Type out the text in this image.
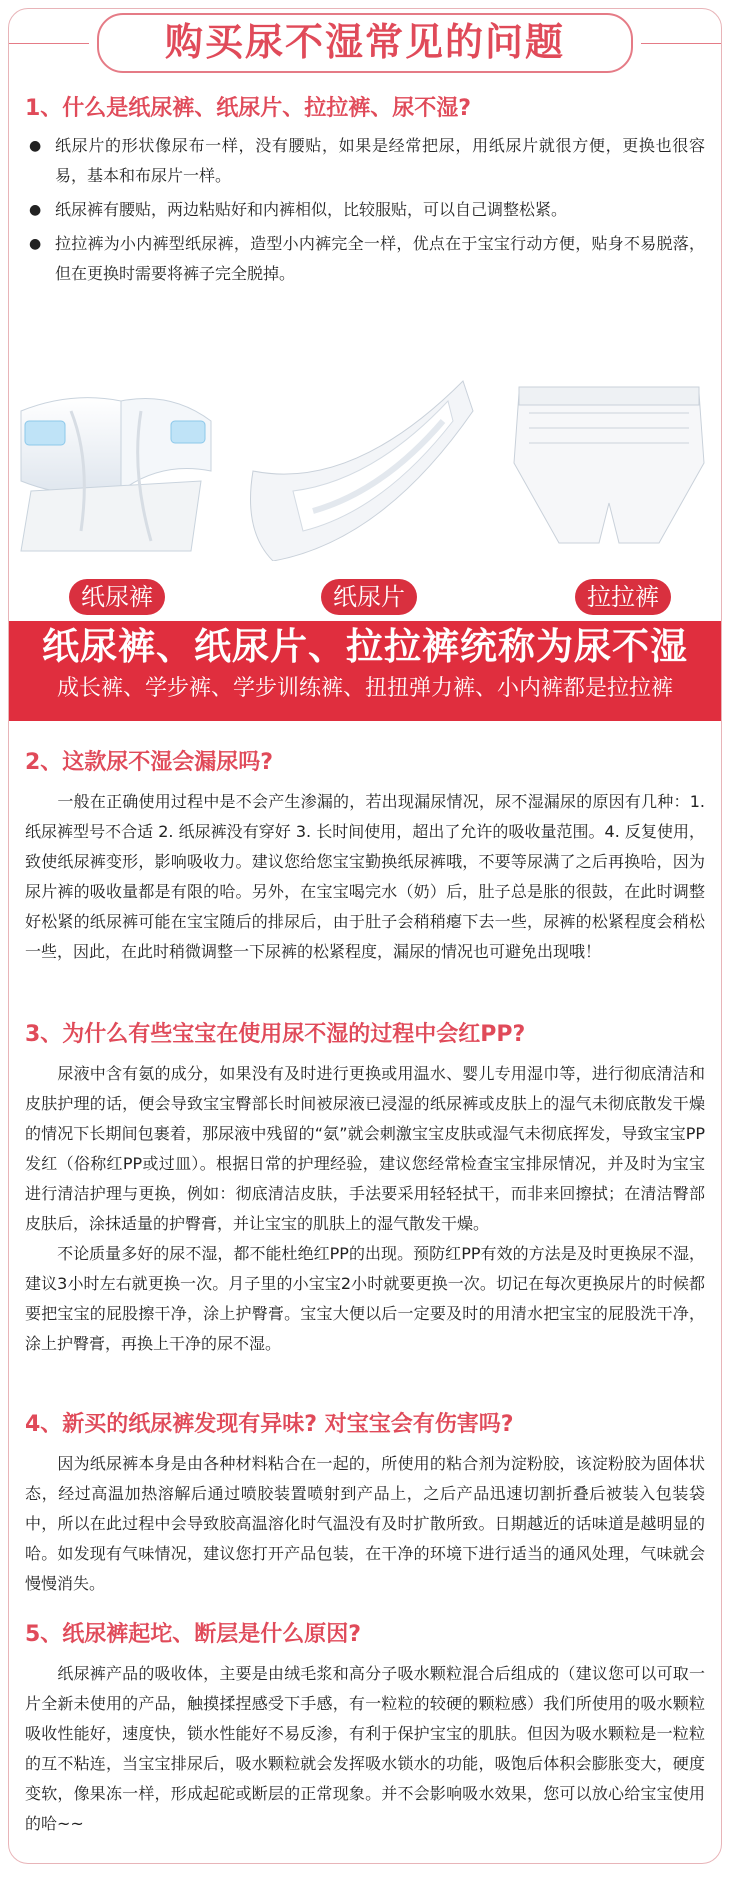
购买尿不湿常见的问题
1、什么是纸尿裤、纸尿片、拉拉裤、尿不湿?
● 纸尿片的形状像尿布一样，没有腰贴，如果是经常把尿，用纸尿片就很方便，更换也很容易，基本和布尿片一样。
● 纸尿裤有腰贴，两边粘贴好和内裤相似，比较服贴，可以自己调整松紧。
● 拉拉裤为小内裤型纸尿裤，造型小内裤完全一样，优点在于宝宝行动方便，贴身不易脱落，但在更换时需要将裤子完全脱掉。
纸尿裤	纸尿片	拉拉裤
纸尿裤、纸尿片、拉拉裤统称为尿不湿
成长裤、学步裤、学步训练裤、扭扭弹力裤、小内裤都是拉拉裤
2、这款尿不湿会漏尿吗?

　　一般在正确使用过程中是不会产生渗漏的，若出现漏尿情况，尿不湿漏尿的原因有几种：1. 纸尿裤型号不合适 2. 纸尿裤没有穿好 3. 长时间使用，超出了允许的吸收量范围。4. 反复使用，致使纸尿裤变形，影响吸收力。建议您给您宝宝勤换纸尿裤哦，不要等尿满了之后再换哈，因为尿片裤的吸收量都是有限的哈。另外，在宝宝喝完水（奶）后，肚子总是胀的很鼓，在此时调整好松紧的纸尿裤可能在宝宝随后的排尿后，由于肚子会稍稍瘪下去一些，尿裤的松紧程度会稍松一些，因此，在此时稍微调整一下尿裤的松紧程度，漏尿的情况也可避免出现哦！

3、为什么有些宝宝在使用尿不湿的过程中会红PP?

　　尿液中含有氨的成分，如果没有及时进行更换或用温水、婴儿专用湿巾等，进行彻底清洁和皮肤护理的话，便会导致宝宝臀部长时间被尿液已浸湿的纸尿裤或皮肤上的湿气未彻底散发干燥的情况下长期间包裹着，那尿液中残留的“氨”就会刺激宝宝皮肤或湿气未彻底挥发，导致宝宝PP发红（俗称红PP或过皿）。根据日常的护理经验，建议您经常检查宝宝排尿情况，并及时为宝宝进行清洁护理与更换，例如：彻底清洁皮肤，手法要采用轻轻拭干，而非来回擦拭；在清洁臀部皮肤后，涂抹适量的护臀膏，并让宝宝的肌肤上的湿气散发干燥。

　　不论质量多好的尿不湿，都不能杜绝红PP的出现。预防红PP有效的方法是及时更换尿不湿，建议3小时左右就更换一次。月子里的小宝宝2小时就要更换一次。切记在每次更换尿片的时候都要把宝宝的屁股擦干净，涂上护臀膏。宝宝大便以后一定要及时的用清水把宝宝的屁股洗干净，涂上护臀膏，再换上干净的尿不湿。

4、新买的纸尿裤发现有异味? 对宝宝会有伤害吗?

　　因为纸尿裤本身是由各种材料粘合在一起的，所使用的粘合剂为淀粉胶，该淀粉胶为固体状态，经过高温加热溶解后通过喷胶装置喷射到产品上，之后产品迅速切割折叠后被装入包装袋中，所以在此过程中会导致胶高温溶化时气温没有及时扩散所致。日期越近的话味道是越明显的哈。如发现有气味情况，建议您打开产品包装，在干净的环境下进行适当的通风处理，气味就会慢慢消失。

5、纸尿裤起坨、断层是什么原因?

　　纸尿裤产品的吸收体，主要是由绒毛浆和高分子吸水颗粒混合后组成的（建议您可以可取一片全新未使用的产品，触摸揉捏感受下手感，有一粒粒的较硬的颗粒感）我们所使用的吸水颗粒吸收性能好，速度快，锁水性能好不易反渗，有利于保护宝宝的肌肤。但因为吸水颗粒是一粒粒的互不粘连，当宝宝排尿后，吸水颗粒就会发挥吸水锁水的功能，吸饱后体积会膨胀变大，硬度变软，像果冻一样，形成起砣或断层的正常现象。并不会影响吸水效果，您可以放心给宝宝使用的哈~~
